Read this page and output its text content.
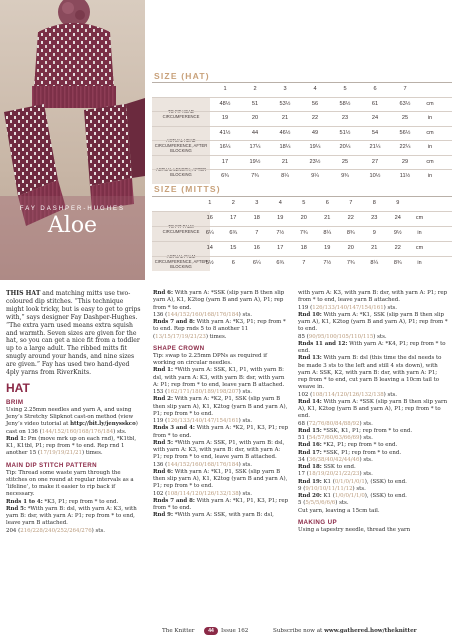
FAY DASHPER-HUGHES
Aloe
SIZE (HAT)
1	2	3	4	5	6	7
TO FIT HEAD CIRCUMFERENCE
48½	51	53½	56	58½	61	63½	cm
19	20	21	22	23	24	25	in
ACTUAL HEAD CIRCUMFERENCE, AFTER BLOCKING
41½	44	46½	49	51½	54	56½	cm
16¼	17¼	18¼	19¼	20¼	21¼	22¼	in
ACTUAL LENGTH, AFTER BLOCKING
17	19½	21	23½	25	27	29	cm
6¾	7¾	8¼	9¼	9¾	10½	11½	in
SIZE (MITTS)
1	2	3	4	5	6	7	8	9
TO FIT PALM CIRCUMFERENCE
16	17	18	19	20	21	22	23	24	cm
6¼	6¾	7	7½	7¾	8¼	8¾	9	9½	in
ACTUAL PALM CIRCUMFERENCE, AFTER BLOCKING
14	15	16	17	18	19	20	21	22	cm
5½	6	6¼	6¾	7	7½	7¾	8¼	8¾	in

THIS HAT and matching mitts use two-coloured dip stitches. “This technique might look tricky, but is easy to get to grips with,” says designer Fay Dashper-Hughes. “The extra yarn used means extra squish and warmth. Seven sizes are given for the hat, so you can get a nice fit from a toddler up to a large adult. The ribbed mitts fit snugly around your hands, and nine sizes are given.” Fay has used two hand-dyed 4ply yarns from RiverKnits.

HAT
BRIM

Using 2.25mm needles and yarn A, and using Jeny’s Stretchy Slipknot cast-on method (view Jeny’s video tutorial at http://bit.ly/jenysskco) cast on 136 (144/152/160/168/176/184) sts.

Rnd 1: Pm (move mrk up on each rnd), *K1tbl, K1, K1tbl, P1; rep from * to end. Rep rnd 1 another 15 (17/19/19/21/21) times.

MAIN DIP STITCH PATTERN

Tip: Thread some waste yarn through the stitches on one round at regular intervals as a ‘lifeline’, to make it easier to rip back if necessary.

Rnds 1 to 4: *K3, P1; rep from * to end.

Rnd 5: *With yarn B: dsl, with yarn A: K3, with yarn B: dsr, with yarn A: P1; rep from * to end, leave yarn B attached.

204 (216/228/240/252/264/276) sts.

Rnd 6: With yarn A: *SSK (slip yarn B then slip yarn A), K1, K2tog (yarn B and yarn A), P1; rep from * to end.

136 (144/152/160/168/176/184) sts.

Rnds 7 and 8: With yarn A: *K3, P1; rep from * to end. Rep rnds 5 to 8 another 11 (13/15/17/19/21/23) times.

SHAPE CROWN

Tip: swap to 2.25mm DPNs as required if working on circular needles.

Rnd 1: *With yarn A: SSK, K1, P1, with yarn B: dsl, with yarn A: K3, with yarn B: dsr, with yarn A: P1; rep from * to end, leave yarn B attached.

153 (162/171/180/189/198/207) sts.

Rnd 2: With yarn A: *K2, P1, SSK (slip yarn B then slip yarn A), K1, K2tog (yarn B and yarn A), P1; rep from * to end.

119 (126/133/140/147/154/161) sts.

Rnds 3 and 4: With yarn A: *K2, P1, K3, P1; rep from * to end.

Rnd 5: *With yarn A: SSK, P1, with yarn B: dsl, with yarn A: K3, with yarn B: dsr, with yarn A: P1; rep from * to end, leave yarn B attached.

136 (144/152/160/168/176/184) sts.

Rnd 6: With yarn A: *K1, P1, SSK (slip yarn B then slip yarn A), K1, K2tog (yarn B and yarn A), P1; rep from * to end.

102 (108/114/120/126/132/138) sts.

Rnds 7 and 8: With yarn A: *K1, P1, K3, P1; rep from * to end.

Rnd 9: *With yarn A: SSK, with yarn B: dsl,

with yarn A: K3, with yarn B: dsr, with yarn A: P1; rep from * to end, leave yarn B attached.

119 (126/133/140/147/154/161) sts.

Rnd 10: With yarn A: *K1, SSK (slip yarn B then slip yarn A), K1, K2tog (yarn B and yarn A), P1; rep from * to end.

85 (90/95/100/105/110/115) sts.

Rnds 11 and 12: With yarn A: *K4, P1; rep from * to end.

Rnd 13: With yarn B: dsl (this time the dsl needs to be made 3 sts to the left and still 4 sts down), with yarn A: SSK, K2, with yarn B: dsr, with yarn A: P1; rep from * to end, cut yarn B leaving a 10cm tail to weave in.

102 (108/114/120/126/132/138) sts.

Rnd 14: With yarn A: *SSK (slip yarn B then slip yarn A), K1, K2tog (yarn B and yarn A), P1; rep from * to end.

68 (72/76/80/84/88/92) sts.

Rnd 15: *SSK, K1, P1; rep from * to end.

51 (54/57/60/63/66/69) sts.

Rnd 16: *K2, P1; rep from * to end.

Rnd 17: *SSK, P1; rep from * to end.

34 (36/38/40/42/44/46) sts.

Rnd 18: SSK to end.

17 (18/19/20/21/22/23) sts.

Rnd 19: K1 (0/1/0/1/0/1), (SSK) to end.

9 (9/10/10/11/11/12) sts.

Rnd 20: K1 (1/0/0/1/1/0), (SSK) to end.

5 (5/5/5/6/6/6) sts.

Cut yarn, leaving a 15cm tail.

MAKING UP

Using a tapestry needle, thread the yarn

The Knitter	44	Issue 162	Subscribe now at www.gathered.how/theknitter
